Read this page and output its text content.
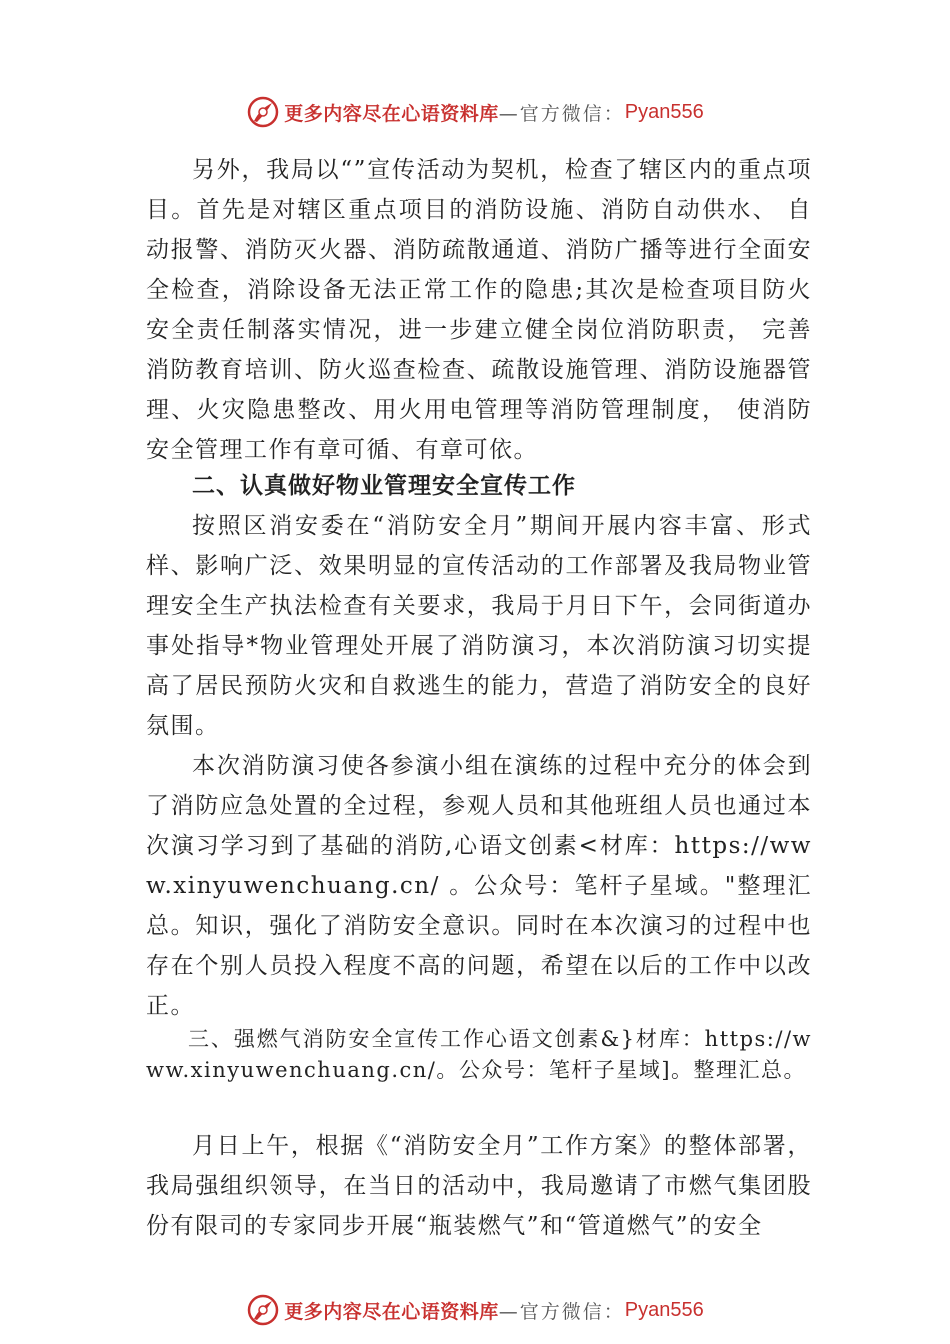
更多内容尽在心语资料库 —官方微信： Pyan556

另外，我局以“”宣传活动为契机，检查了辖区内的重点项目。首先是对辖区重点项目的消防设施、消防自动供水、 自动报警、消防灭火器、消防疏散通道、消防广播等进行全面安全检查，消除设备无法正常工作的隐患;其次是检查项目防火安全责任制落实情况，进一步建立健全岗位消防职责， 完善消防教育培训、防火巡查检查、疏散设施管理、消防设施器管理、火灾隐患整改、用火用电管理等消防管理制度， 使消防安全管理工作有章可循、有章可依。

二、认真做好物业管理安全宣传工作

按照区消安委在“消防安全月”期间开展内容丰富、形式样、影响广泛、效果明显的宣传活动的工作部署及我局物业管理安全生产执法检查有关要求，我局于月日下午，会同街道办事处指导*物业管理处开展了消防演习，本次消防演习切实提高了居民预防火灾和自救逃生的能力，营造了消防安全的良好氛围。

本次消防演习使各参演小组在演练的过程中充分的体会到了消防应急处置的全过程，参观人员和其他班组人员也通过本次演习学习到了基础的消防,心语文创素<材库：https://www.xinyuwenchuang.cn/ 。公众号：笔杆子星域。"整理汇总。知识，强化了消防安全意识。同时在本次演习的过程中也存在个别人员投入程度不高的问题，希望在以后的工作中以改正。

三、强燃气消防安全宣传工作心语文创素&}材库：https://www.xinyuwenchuang.cn/。公众号：笔杆子星域]。整理汇总。

月日上午，根据《“消防安全月”工作方案》的整体部署，我局强组织领导，在当日的活动中，我局邀请了市燃气集团股份有限司的专家同步开展“瓶装燃气”和“管道燃气”的安全

更多内容尽在心语资料库 —官方微信： Pyan556
